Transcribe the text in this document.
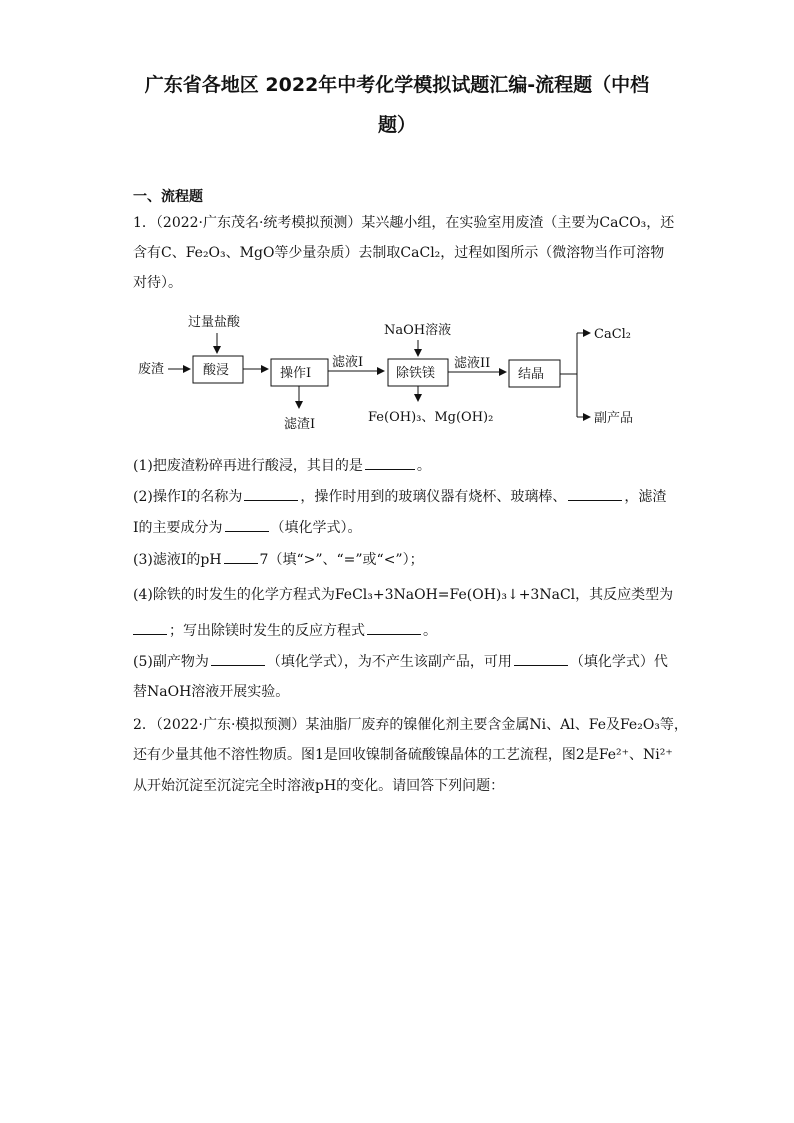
广东省各地区 2022年中考化学模拟试题汇编-流程题（中档
题）
一、流程题
1．（2022·广东茂名·统考模拟预测）某兴趣小组，在实验室用废渣（主要为CaCO₃，还
含有C、Fe₂O₃、MgO等少量杂质）去制取CaCl₂，过程如图所示（微溶物当作可溶物
对待）。
过量盐酸
废渣	酸浸	操作I
滤渣I
滤液I
NaOH溶液
除铁镁
Fe(OH)₃、Mg(OH)₂
滤液II
结晶
CaCl₂
副产品
(1)把废渣粉碎再进行酸浸，其目的是	。
(2)操作I的名称为	，操作时用到的玻璃仪器有烧杯、玻璃棒、	，滤渣
I的主要成分为	（填化学式）。
(3)滤液I的pH	7（填“>”、“=”或“<”）；
(4)除铁的时发生的化学方程式为FeCl₃+3NaOH=Fe(OH)₃↓+3NaCl，其反应类型为
；写出除镁时发生的反应方程式	。
(5)副产物为	（填化学式），为不产生该副产品，可用	（填化学式）代
替NaOH溶液开展实验。
2．（2022·广东·模拟预测）某油脂厂废弃的镍催化剂主要含金属Ni、Al、Fe及Fe₂O₃等，
还有少量其他不溶性物质。图1是回收镍制备硫酸镍晶体的工艺流程，图2是Fe²⁺、Ni²⁺
从开始沉淀至沉淀完全时溶液pH的变化。请回答下列问题：
